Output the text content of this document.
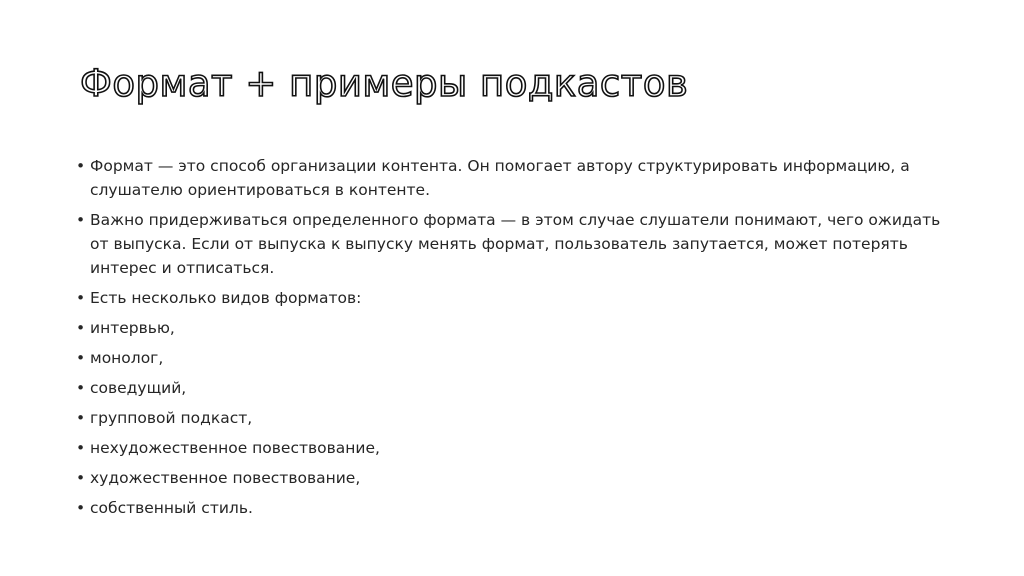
Формат + примеры подкастов
• Формат — это способ организации контента. Он помогает автору структурировать информацию, а слушателю ориентироваться в контенте.
• Важно придерживаться определенного формата — в этом случае слушатели понимают, чего ожидать от выпуска. Если от выпуска к выпуску менять формат, пользователь запутается, может потерять интерес и отписаться.
• Есть несколько видов форматов:
• интервью,
• монолог,
• соведущий,
• групповой подкаст,
• нехудожественное повествование,
• художественное повествование,
• собственный стиль.
